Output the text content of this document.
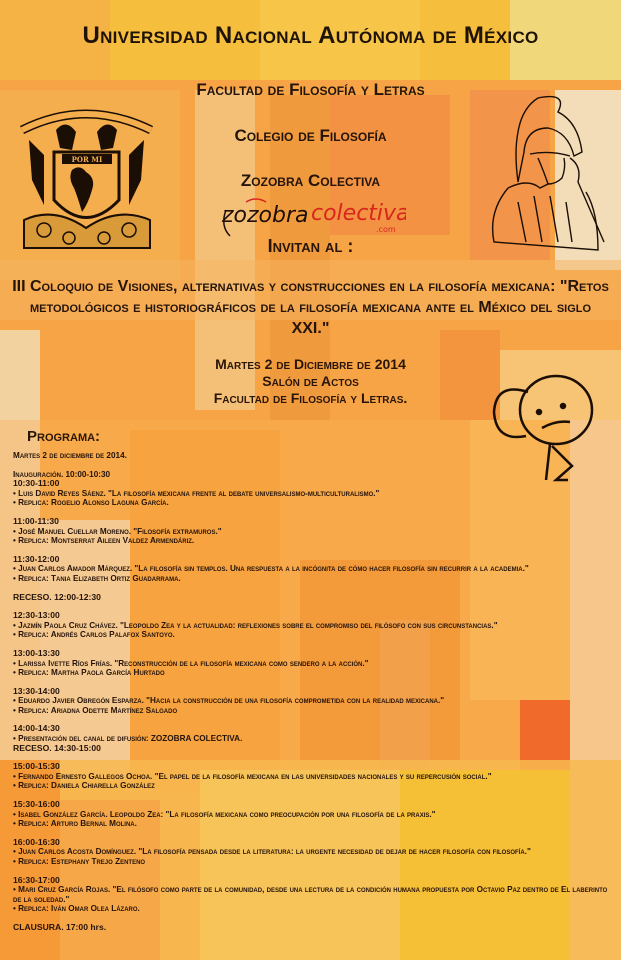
Universidad Nacional Autónoma de México
Facultad de Filosofía y Letras
Colegio de Filosofía
Zozobra Colectiva
zozobra colectiva
.com
Invitan al :
III Coloquio de Visiones, alternativas y construcciones en la filosofía mexicana: "Retos metodológicos e historiográficos de la filosofía mexicana ante el México del siglo XXI."
Martes 2 de Diciembre de 2014
Salón de Actos
Facultad de Filosofía y Letras.
POR MI
Programa:
Martes 2 de diciembre de 2014.
Inauguración. 10:00-10:30
10:30-11:00
• Luis David Reyes Sáenz. "La filosofía mexicana frente al debate universalismo-multiculturalismo."
• Replica: Rogelio Alonso Laguna García.
11:00-11:30
• José Manuel Cuellar Moreno. "Filosofía extramuros."
• Replica: Montserrat Aileen Valdez Armendáriz.
11:30-12:00
• Juan Carlos Amador Márquez. "La filosofía sin templos. Una respuesta a la incógnita de cómo hacer filosofía sin recurrir a la academia."
• Replica: Tania Elizabeth Ortiz Guadarrama.
RECESO. 12:00-12:30
12:30-13:00
• Jazmín Paola Cruz Chávez. "Leopoldo Zea y la actualidad: reflexiones sobre el compromiso del filósofo con sus circunstancias."
• Replica: Andrés Carlos Palafox Santoyo.
13:00-13:30
• Larissa Ivette Ríos Frías. "Reconstrucción de la filosofía mexicana como sendero a la acción."
• Replica: Martha Paola García Hurtado
13:30-14:00
• Eduardo Javier Obregón Esparza. "Hacia la construcción de una filosofía comprometida con la realidad mexicana."
• Replica: Ariadna Odette Martínez Salgado
14:00-14:30
• Presentación del canal de difusión: ZOZOBRA COLECTIVA.
RECESO. 14:30-15:00
15:00-15:30
• Fernando Ernesto Gallegos Ochoa. "El papel de la filosofía mexicana en las universidades nacionales y su repercusión social."
• Replica: Daniela Chiarella González
15:30-16:00
• Isabel González García. Leopoldo Zea: "La filosofía mexicana como preocupación por una filosofía de la praxis."
• Replica: Arturo Bernal Molina.
16:00-16:30
• Juan Carlos Acosta Domínguez. "La filosofía pensada desde la literatura: la urgente necesidad de dejar de hacer filosofía con filosofía."
• Replica: Estephany Trejo Zenteno
16:30-17:00
• Mari Cruz García Rojas. "El filósofo como parte de la comunidad, desde una lectura de la condición humana propuesta por Octavio Paz dentro de El laberinto de la soledad."
• Replica: Iván Omar Olea Lázaro.
CLAUSURA. 17:00 hrs.
